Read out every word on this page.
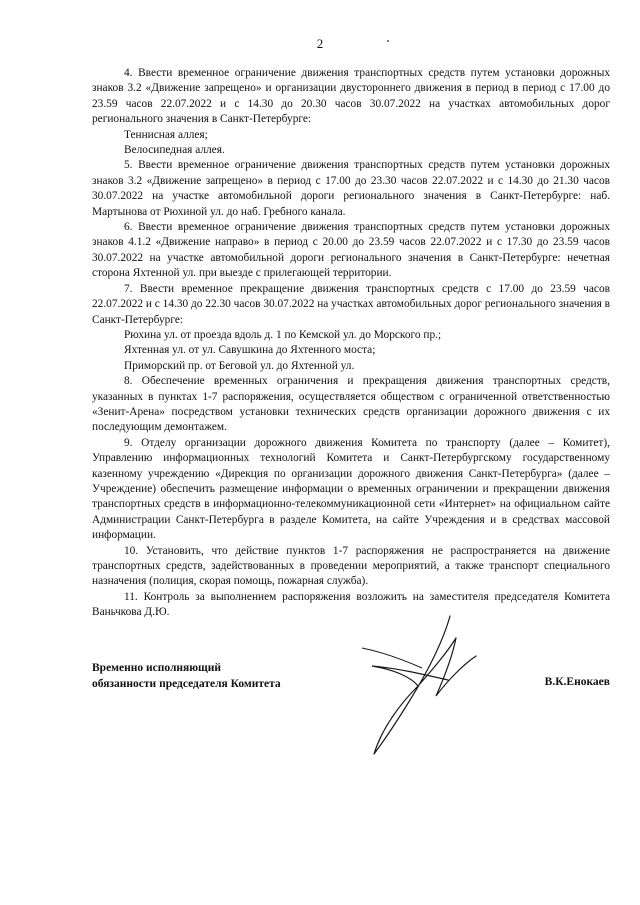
2

4. Ввести временное ограничение движения транспортных средств путем установки дорожных знаков 3.2 «Движение запрещено» и организации двустороннего движения в период в период с 17.00 до 23.59 часов 22.07.2022 и с 14.30 до 20.30 часов 30.07.2022 на участках автомобильных дорог регионального значения в Санкт-Петербурге:

Теннисная аллея;

Велосипедная аллея.

5. Ввести временное ограничение движения транспортных средств путем установки дорожных знаков 3.2 «Движение запрещено» в период с 17.00 до 23.30 часов 22.07.2022 и с 14.30 до 21.30 часов 30.07.2022 на участке автомобильной дороги регионального значения в Санкт-Петербурге: наб. Мартынова от Рюхиной ул. до наб. Гребного канала.

6. Ввести временное ограничение движения транспортных средств путем установки дорожных знаков 4.1.2 «Движение направо» в период с 20.00 до 23.59 часов 22.07.2022 и с 17.30 до 23.59 часов 30.07.2022 на участке автомобильной дороги регионального значения в Санкт-Петербурге: нечетная сторона Яхтенной ул. при выезде с прилегающей территории.

7. Ввести временное прекращение движения транспортных средств с 17.00 до 23.59 часов 22.07.2022 и с 14.30 до 22.30 часов 30.07.2022 на участках автомобильных дорог регионального значения в Санкт-Петербурге:

Рюхина ул. от проезда вдоль д. 1 по Кемской ул. до Морского пр.;

Яхтенная ул. от ул. Савушкина до Яхтенного моста;

Приморский пр. от Беговой ул. до Яхтенной ул.

8. Обеспечение временных ограничения и прекращения движения транспортных средств, указанных в пунктах 1-7 распоряжения, осуществляется обществом с ограниченной ответственностью «Зенит-Арена» посредством установки технических средств организации дорожного движения с их последующим демонтажем.

9. Отделу организации дорожного движения Комитета по транспорту (далее – Комитет), Управлению информационных технологий Комитета и Санкт-Петербургскому государственному казенному учреждению «Дирекция по организации дорожного движения Санкт-Петербурга» (далее – Учреждение) обеспечить размещение информации о временных ограничении и прекращении движения транспортных средств в информационно-телекоммуникационной сети «Интернет» на официальном сайте Администрации Санкт-Петербурга в разделе Комитета, на сайте Учреждения и в средствах массовой информации.

10. Установить, что действие пунктов 1-7 распоряжения не распространяется на движение транспортных средств, задействованных в проведении мероприятий, а также транспорт специального назначения (полиция, скорая помощь, пожарная служба).

11. Контроль за выполнением распоряжения возложить на заместителя председателя Комитета Ваньчкова Д.Ю.

Временно исполняющий
обязанности председателя Комитета	В.К.Енокаев
